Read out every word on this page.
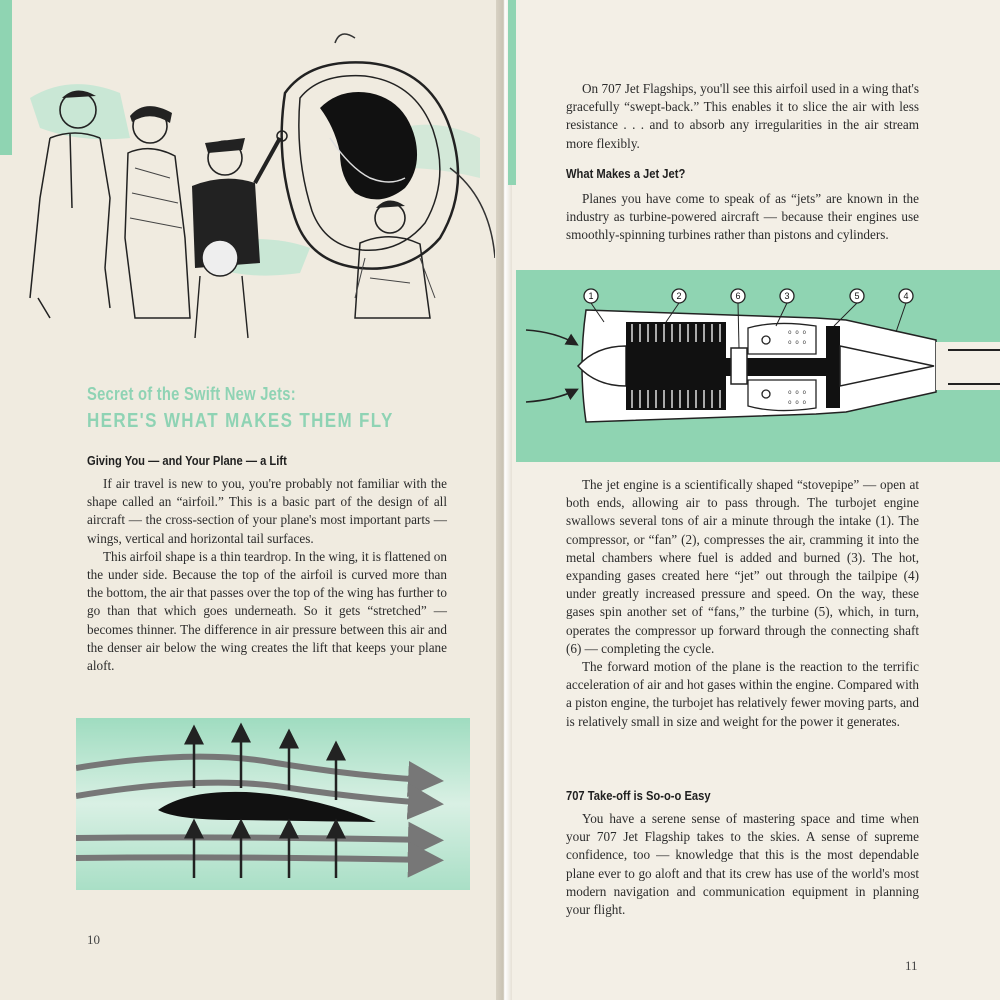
Secret of the Swift New Jets:
HERE'S WHAT MAKES THEM FLY
Giving You — and Your Plane — a Lift

If air travel is new to you, you're probably not familiar with the shape called an “airfoil.” This is a basic part of the design of all aircraft — the cross-section of your plane's most important parts — wings, vertical and horizontal tail surfaces.

This airfoil shape is a thin teardrop. In the wing, it is flattened on the under side. Because the top of the airfoil is curved more than the bottom, the air that passes over the top of the wing has further to go than that which goes underneath. So it gets “stretched” — becomes thinner. The difference in air pressure between this air and the denser air below the wing creates the lift that keeps your plane aloft.

10

On 707 Jet Flagships, you'll see this airfoil used in a wing that's gracefully “swept-back.” This enables it to slice the air with less resistance . . . and to absorb any irregularities in the air stream more flexibly.

What Makes a Jet Jet?

Planes you have come to speak of as “jets” are known in the industry as turbine-powered aircraft — because their engines use smoothly-spinning turbines rather than pistons and cylinders.

o o o
o o o
o o o
o o o
1	2	6	3	5	4

The jet engine is a scientifically shaped “stovepipe” — open at both ends, allowing air to pass through. The turbojet engine swallows several tons of air a minute through the intake (1). The compressor, or “fan” (2), compresses the air, cramming it into the metal chambers where fuel is added and burned (3). The hot, expanding gases created here “jet” out through the tailpipe (4) under greatly increased pressure and speed. On the way, these gases spin another set of “fans,” the turbine (5), which, in turn, operates the compressor up forward through the connecting shaft (6) — completing the cycle.

The forward motion of the plane is the reaction to the terrific acceleration of air and hot gases within the engine. Compared with a piston engine, the turbojet has relatively fewer moving parts, and is relatively small in size and weight for the power it generates.

707 Take-off is So-o-o Easy

You have a serene sense of mastering space and time when your 707 Jet Flagship takes to the skies. A sense of supreme confidence, too — knowledge that this is the most dependable plane ever to go aloft and that its crew has use of the world's most modern navigation and communication equipment in planning your flight.

11
